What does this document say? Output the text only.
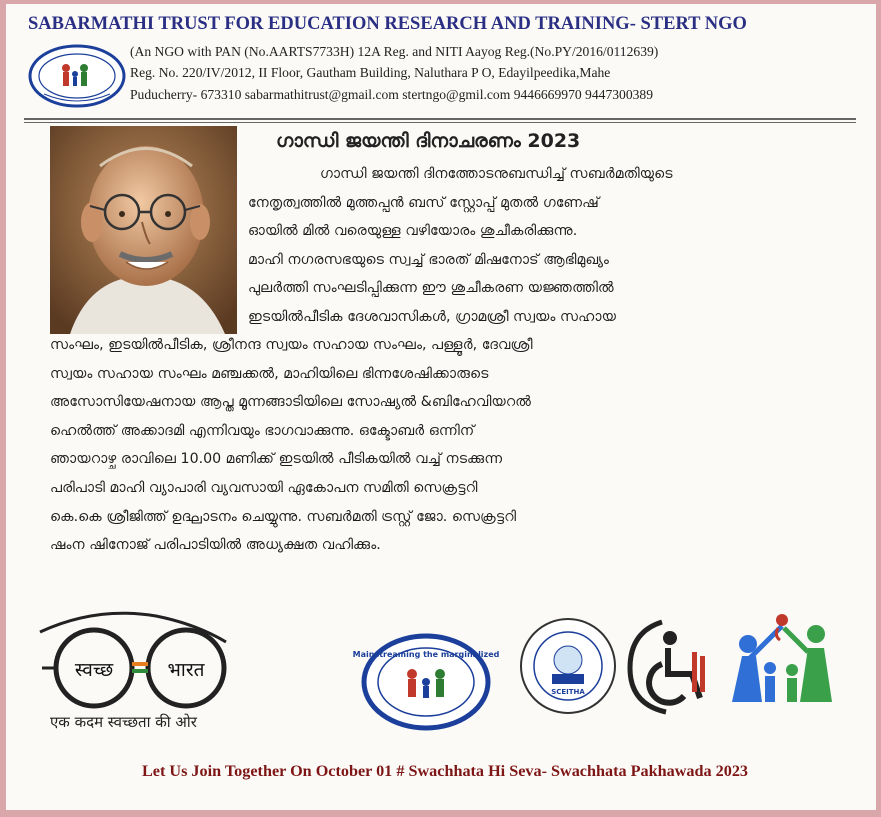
SABARMATHI TRUST FOR EDUCATION RESEARCH AND TRAINING- STERT NGO
(An NGO with PAN (No.AARTS7733H) 12A Reg. and NITI Aayog Reg.(No.PY/2016/0112639)
Reg. No. 220/IV/2012, II Floor, Gautham Building, Naluthara P O, Edayilpeedika,Mahe
Puducherry- 673310 sabarmathitrust@gmail.com stertngo@gmil.com 9446669970 9447300389
ഗാന്ധി ജയന്തി ദിനാചരണം 2023

ഗാന്ധി ജയന്തി ദിനത്തോടനുബന്ധിച്ച് സബർമതിയുടെ

നേതൃത്വത്തിൽ മുത്തപ്പൻ ബസ് സ്റ്റോപ്പ് മുതൽ ഗണേഷ്

ഓയിൽ മിൽ വരെയുള്ള വഴിയോരം ശുചീകരിക്കുന്നു.

മാഹി നഗരസഭയുടെ സ്വച്ച് ഭാരത് മിഷനോട് ആഭിമുഖ്യം

പുലർത്തി സംഘടിപ്പിക്കുന്ന ഈ ശുചീകരണ യജ്ഞത്തിൽ

ഇടയിൽപീടിക ദേശവാസികൾ, ഗ്രാമശ്രീ സ്വയം സഹായ

സംഘം, ഇടയിൽപീടിക, ശ്രീനന്ദ സ്വയം സഹായ സംഘം, പള്ളൂർ, ദേവശ്രീ

സ്വയം സഹായ സംഘം മഞ്ചക്കൽ, മാഹിയിലെ ഭിന്നശേഷിക്കാരുടെ

അസോസിയേഷനായ ആപ്ത മൂന്നങ്ങാടിയിലെ സോഷ്യൽ &ബിഹേവിയറൽ

ഹെൽത്ത് അക്കാദമി എന്നിവയും ഭാഗവാക്കുന്നു. ഒക്ടോബർ ഒന്നിന്

ഞായറാഴ്ച രാവിലെ 10.00 മണിക്ക് ഇടയിൽ പീടികയിൽ വച്ച് നടക്കുന്ന

പരിപാടി മാഹി വ്യാപാരി വ്യവസായി ഏകോപന സമിതി സെക്രട്ടറി

കെ.കെ ശ്രീജിത്ത് ഉദ്ഘാടനം ചെയ്യുന്നു. സബർമതി ട്രസ്റ്റ് ജോ. സെക്രട്ടറി

ഷംന ഷിനോജ് പരിപാടിയിൽ അധ്യക്ഷത വഹിക്കും.

स्वच्छ	भारत
Mainstreaming the marginalized
SCEITHA
एक कदम स्वच्छता की ओर
Let Us Join Together On October 01 # Swachhata Hi Seva- Swachhata Pakhawada 2023
